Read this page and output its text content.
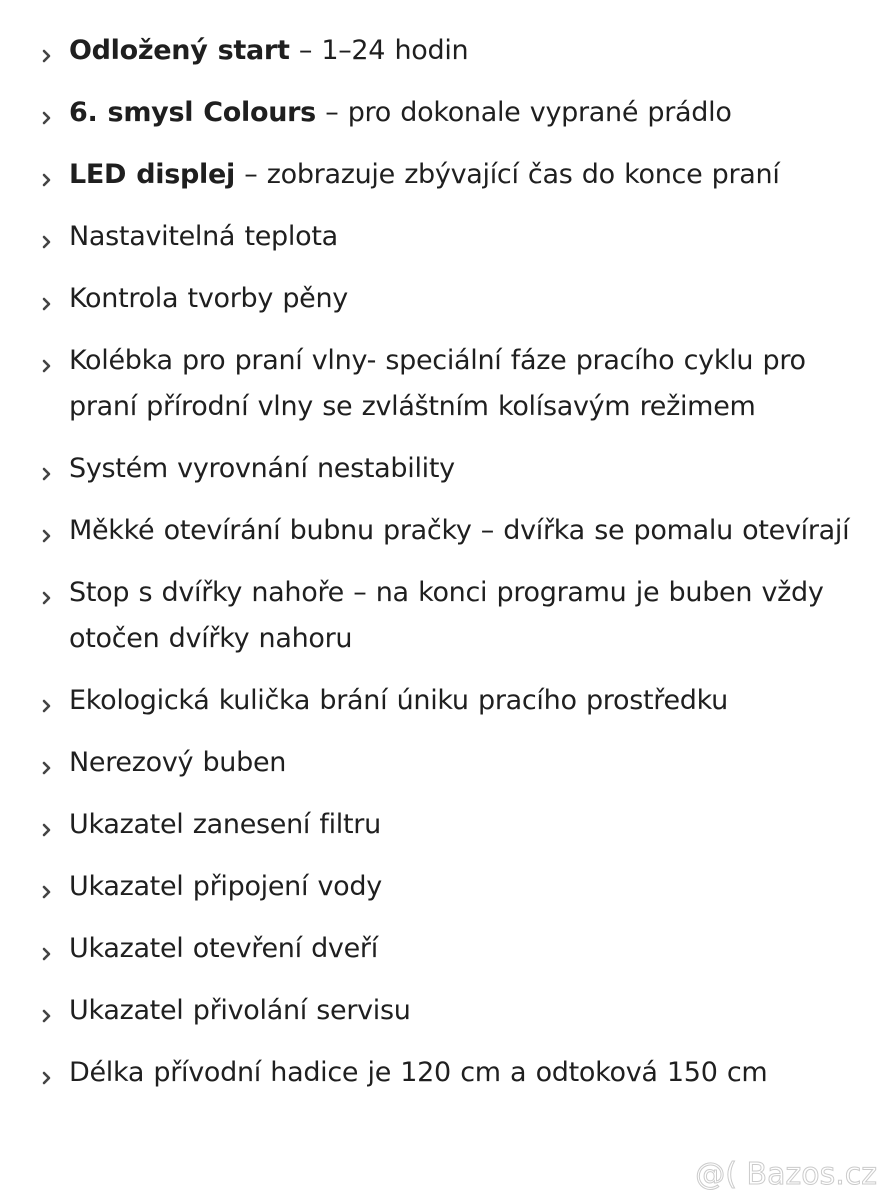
Odložený start – 1–24 hodin
6. smysl Colours – pro dokonale vyprané prádlo
LED displej – zobrazuje zbývající čas do konce praní
Nastavitelná teplota
Kontrola tvorby pěny
Kolébka pro praní vlny- speciální fáze pracího cyklu pro praní přírodní vlny se zvláštním kolísavým režimem
Systém vyrovnání nestability
Měkké otevírání bubnu pračky – dvířka se pomalu otevírají
Stop s dvířky nahoře – na konci programu je buben vždy otočen dvířky nahoru
Ekologická kulička brání úniku pracího prostředku
Nerezový buben
Ukazatel zanesení filtru
Ukazatel připojení vody
Ukazatel otevření dveří
Ukazatel přivolání servisu
Délka přívodní hadice je 120 cm a odtoková 150 cm
@( Bazos.cz
